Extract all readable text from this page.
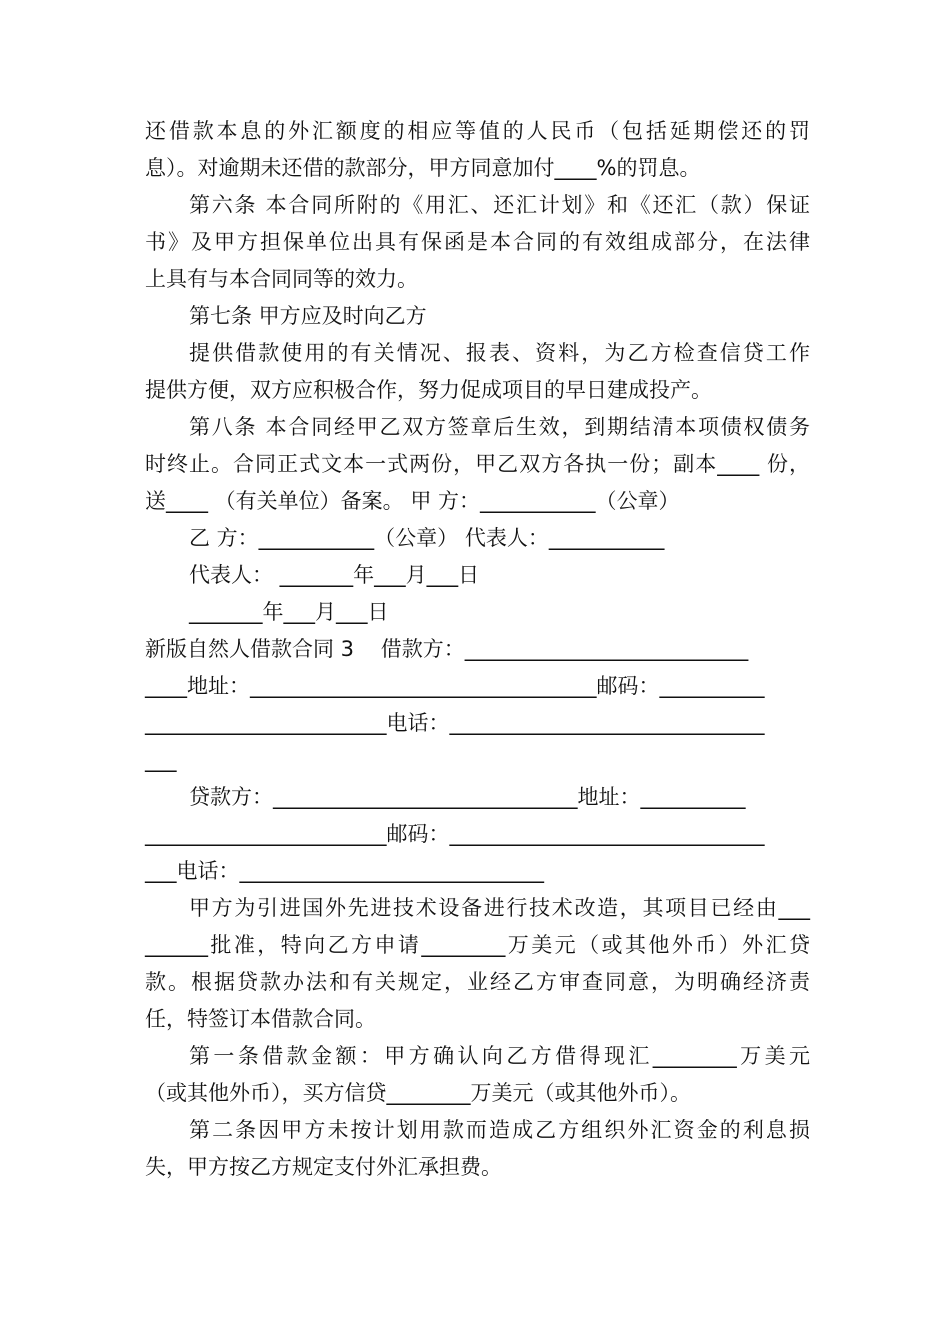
还借款本息的外汇额度的相应等值的人民币（包括延期偿还的罚
息）。对逾期未还借的款部分，甲方同意加付____%的罚息。
第六条 本合同所附的《用汇、还汇计划》和《还汇（款）保证
书》及甲方担保单位出具有保函是本合同的有效组成部分，在法律
上具有与本合同同等的效力。
第七条 甲方应及时向乙方
提供借款使用的有关情况、报表、资料，为乙方检查信贷工作
提供方便，双方应积极合作，努力促成项目的早日建成投产。
第八条 本合同经甲乙双方签章后生效，到期结清本项债权债务
时终止。合同正式文本一式两份，甲乙双方各执一份；副本____ 份，
送____ （有关单位）备案。 甲 方：___________（公章）
乙 方：___________（公章） 代表人：___________
代表人： _______年___月___日
_______年___月___日
新版自然人借款合同 3    借款方：___________________________
____地址：_________________________________邮码：__________
_______________________电话：______________________________
___
贷款方：_____________________________地址：__________
_______________________邮码：______________________________
___电话：_____________________________
甲方为引进国外先进技术设备进行技术改造，其项目已经由___
______批准，特向乙方申请________万美元（或其他外币）外汇贷
款。根据贷款办法和有关规定，业经乙方审查同意，为明确经济责
任，特签订本借款合同。
第一条借款金额：甲方确认向乙方借得现汇________万美元
（或其他外币），买方信贷________万美元（或其他外币）。
第二条因甲方未按计划用款而造成乙方组织外汇资金的利息损
失，甲方按乙方规定支付外汇承担费。
